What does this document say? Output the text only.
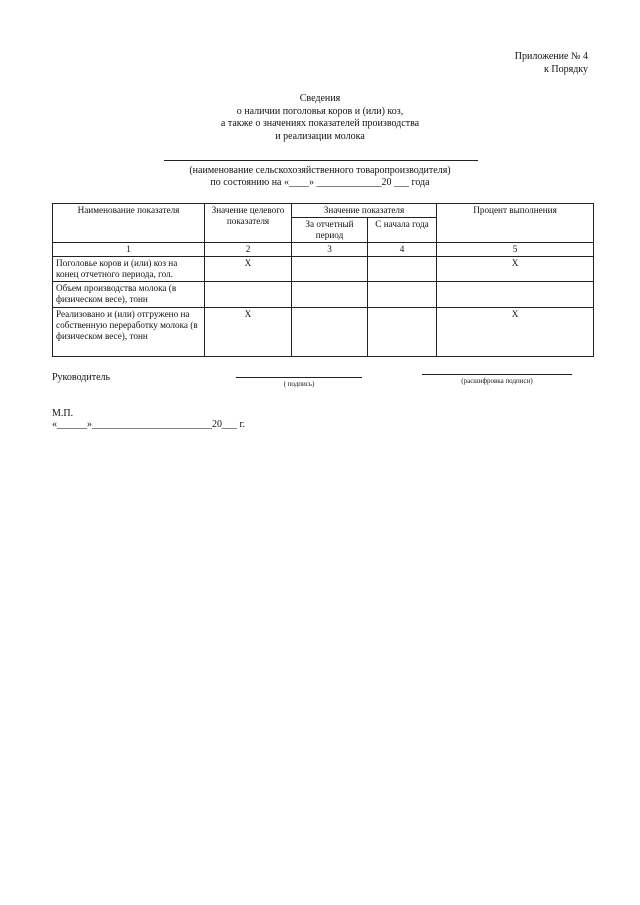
Приложение № 4
к Порядку
Сведения
о наличии поголовья коров и (или) коз,
а также о значениях показателей производства
и реализации молока
(наименование сельскохозяйственного товаропроизводителя)
по состоянию на «____» _____________20 ___ года
Наименование показателя	Значение целевого показателя	Значение показателя		Процент выполнения
		За отчетный период	С начала года	
1	2	3	4	5
Поголовье коров и (или) коз на конец отчетного периода, гол.	Х			Х
Объем производства молока (в физическом весе), тонн				
Реализовано и (или) отгружено на собственную переработку молока (в физическом весе), тонн	Х			Х
Руководитель
( подпись)	(расшифровка подписи)
М.П.
«______»________________________20___ г.
